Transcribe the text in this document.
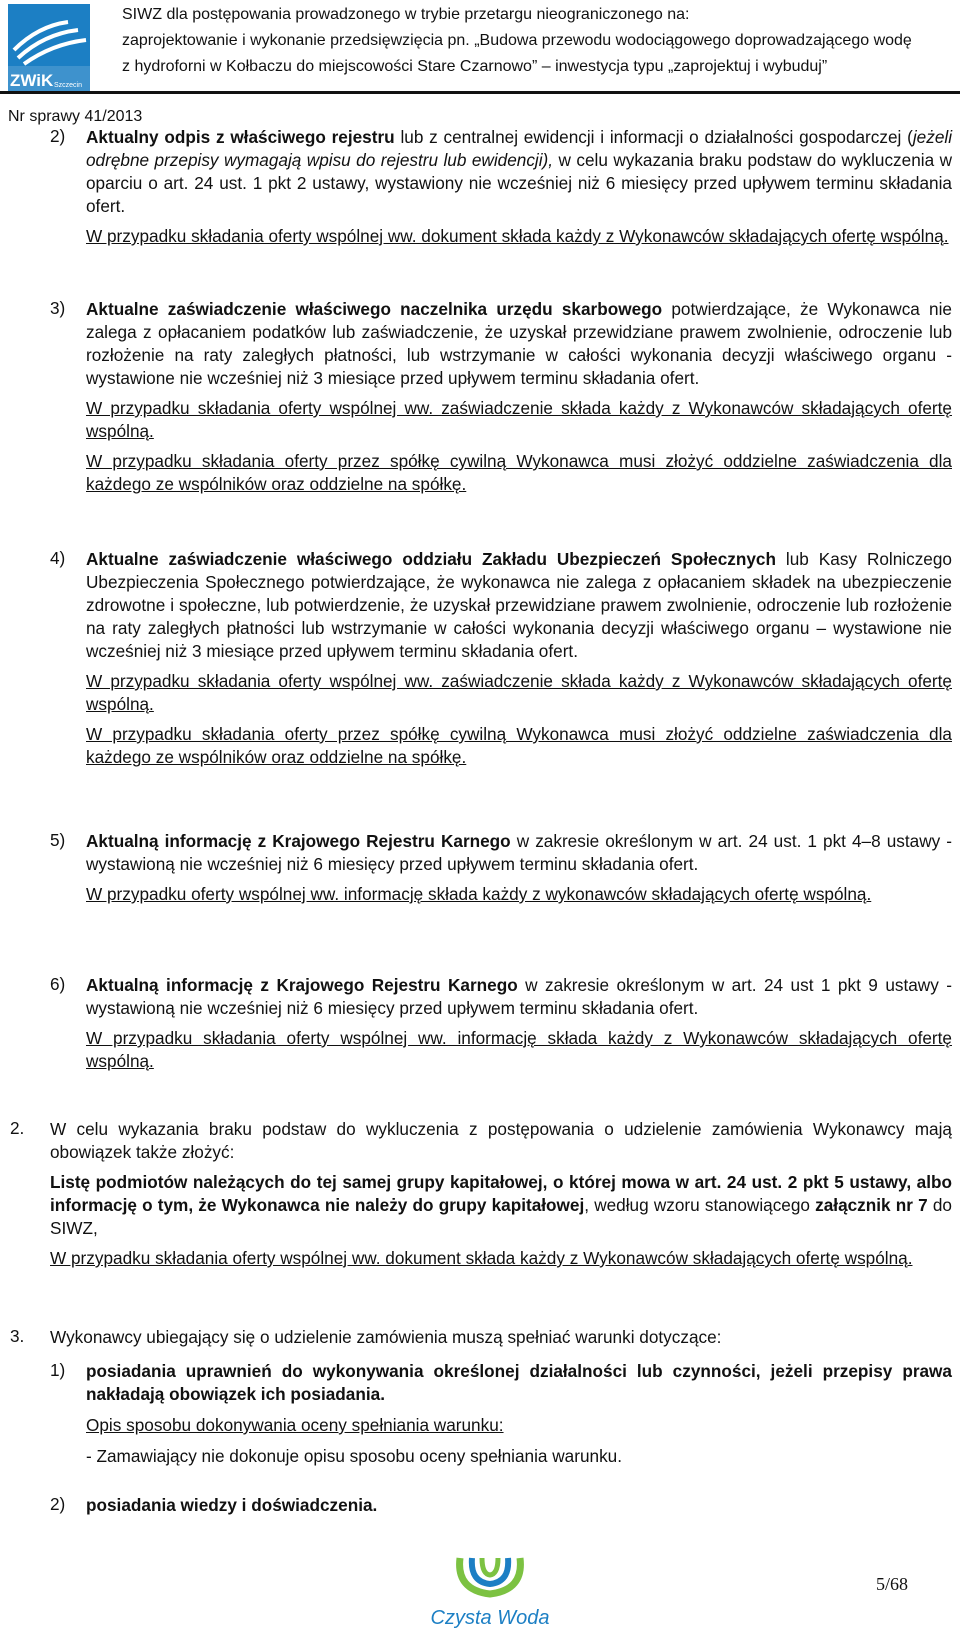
ZWiK Szczecin
SIWZ dla postępowania prowadzonego w trybie przetargu nieograniczonego na:
zaprojektowanie i wykonanie przedsięwzięcia pn. „Budowa przewodu wodociągowego doprowadzającego wodę
z hydroforni w Kołbaczu do miejscowości Stare Czarnowo” – inwestycja typu „zaprojektuj i wybuduj”
Nr sprawy 41/2013
2) Aktualny odpis z właściwego rejestru lub z centralnej ewidencji i informacji o działalności gospodarczej (jeżeli odrębne przepisy wymagają wpisu do rejestru lub ewidencji), w celu wykazania braku podstaw do wykluczenia w oparciu o art. 24 ust. 1 pkt 2 ustawy, wystawiony nie wcześniej niż 6 miesięcy przed upływem terminu składania ofert.

W przypadku składania oferty wspólnej ww. dokument składa każdy z Wykonawców składających ofertę wspólną.

3) Aktualne zaświadczenie właściwego naczelnika urzędu skarbowego potwierdzające, że Wykonawca nie zalega z opłacaniem podatków lub zaświadczenie, że uzyskał przewidziane prawem zwolnienie, odroczenie lub rozłożenie na raty zaległych płatności, lub wstrzymanie w całości wykonania decyzji właściwego organu - wystawione nie wcześniej niż 3 miesiące przed upływem terminu składania ofert.

W przypadku składania oferty wspólnej ww. zaświadczenie składa każdy z Wykonawców składających ofertę wspólną.

W przypadku składania oferty przez spółkę cywilną Wykonawca musi złożyć oddzielne zaświadczenia dla każdego ze wspólników oraz oddzielne na spółkę.

4) Aktualne zaświadczenie właściwego oddziału Zakładu Ubezpieczeń Społecznych lub Kasy Rolniczego Ubezpieczenia Społecznego potwierdzające, że wykonawca nie zalega z opłacaniem składek na ubezpieczenie zdrowotne i społeczne, lub potwierdzenie, że uzyskał przewidziane prawem zwolnienie, odroczenie lub rozłożenie na raty zaległych płatności lub wstrzymanie w całości wykonania decyzji właściwego organu – wystawione nie wcześniej niż 3 miesiące przed upływem terminu składania ofert.

W przypadku składania oferty wspólnej ww. zaświadczenie składa każdy z Wykonawców składających ofertę wspólną.

W przypadku składania oferty przez spółkę cywilną Wykonawca musi złożyć oddzielne zaświadczenia dla każdego ze wspólników oraz oddzielne na spółkę.

5) Aktualną informację z Krajowego Rejestru Karnego w zakresie określonym w art. 24 ust. 1 pkt 4–8 ustawy - wystawioną nie wcześniej niż 6 miesięcy przed upływem terminu składania ofert.

W przypadku oferty wspólnej ww. informację składa każdy z wykonawców składających ofertę wspólną.

6) Aktualną informację z Krajowego Rejestru Karnego w zakresie określonym w art. 24 ust 1 pkt 9 ustawy - wystawioną nie wcześniej niż 6 miesięcy przed upływem terminu składania ofert.

W przypadku składania oferty wspólnej ww. informację składa każdy z Wykonawców składających ofertę wspólną.

2. W celu wykazania braku podstaw do wykluczenia z postępowania o udzielenie zamówienia Wykonawcy mają obowiązek także złożyć:

Listę podmiotów należących do tej samej grupy kapitałowej, o której mowa w art. 24 ust. 2 pkt 5 ustawy, albo informację o tym, że Wykonawca nie należy do grupy kapitałowej, według wzoru stanowiącego załącznik nr 7 do SIWZ,

W przypadku składania oferty wspólnej ww. dokument składa każdy z Wykonawców składających ofertę wspólną.

3. Wykonawcy ubiegający się o udzielenie zamówienia muszą spełniać warunki dotyczące:

1) posiadania uprawnień do wykonywania określonej działalności lub czynności, jeżeli przepisy prawa nakładają obowiązek ich posiadania.

Opis sposobu dokonywania oceny spełniania warunku:

- Zamawiający nie dokonuje opisu sposobu oceny spełniania warunku.

2) posiadania wiedzy i doświadczenia.

Czysta Woda
5/68
